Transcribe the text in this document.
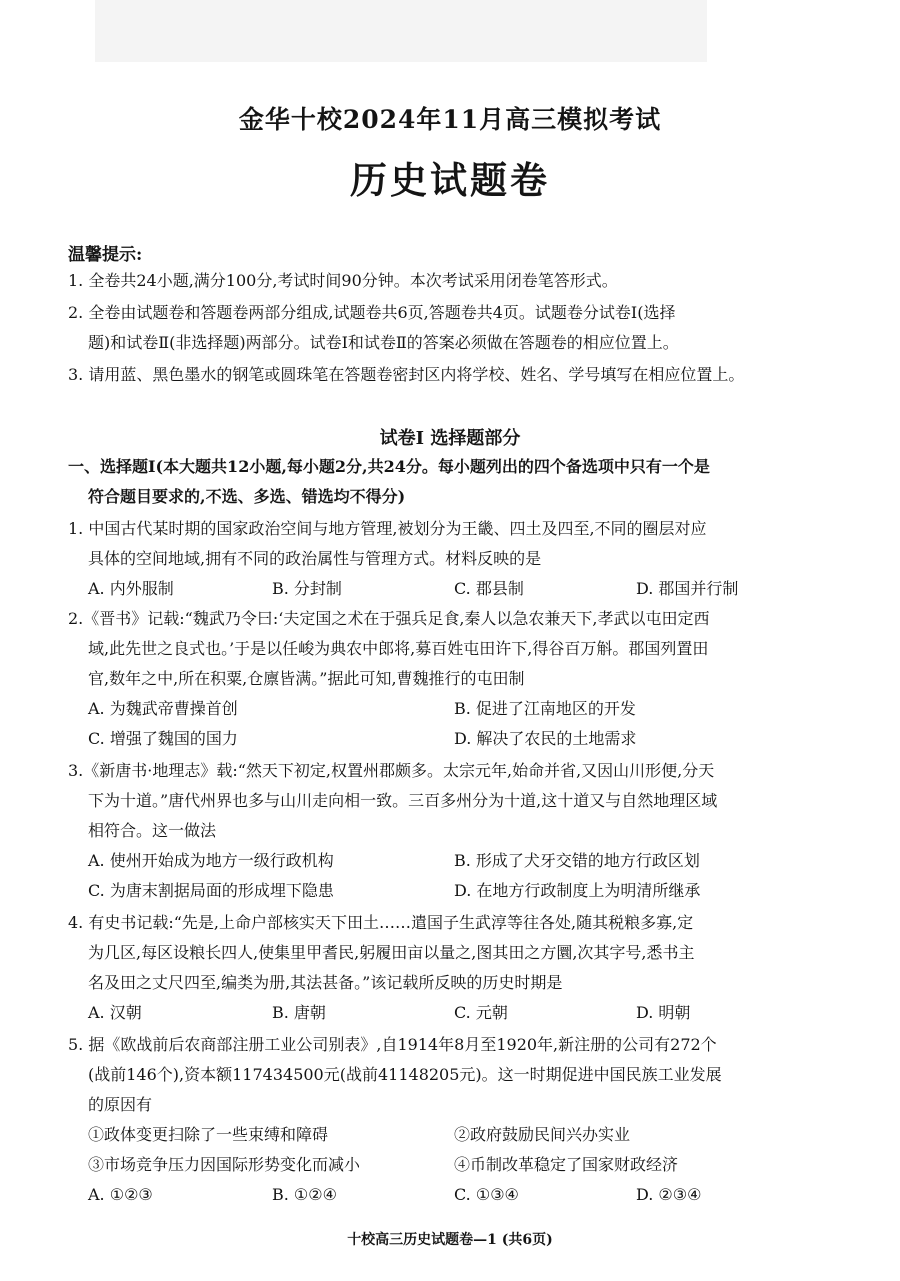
金华十校2024年11月高三模拟考试
历史试题卷
温馨提示:
1. 全卷共24小题,满分100分,考试时间90分钟。本次考试采用闭卷笔答形式。
2. 全卷由试题卷和答题卷两部分组成,试题卷共6页,答题卷共4页。试题卷分试卷Ⅰ(选择
题)和试卷Ⅱ(非选择题)两部分。试卷Ⅰ和试卷Ⅱ的答案必须做在答题卷的相应位置上。
3. 请用蓝、黑色墨水的钢笔或圆珠笔在答题卷密封区内将学校、姓名、学号填写在相应位置上。
试卷Ⅰ 选择题部分
一、选择题Ⅰ(本大题共12小题,每小题2分,共24分。每小题列出的四个备选项中只有一个是
符合题目要求的,不选、多选、错选均不得分)
1. 中国古代某时期的国家政治空间与地方管理,被划分为王畿、四土及四至,不同的圈层对应
具体的空间地域,拥有不同的政治属性与管理方式。材料反映的是
A. 内外服制	B. 分封制	C. 郡县制	D. 郡国并行制
2.《晋书》记载:“魏武乃令曰:‘夫定国之术在于强兵足食,秦人以急农兼天下,孝武以屯田定西
域,此先世之良式也。’于是以任峻为典农中郎将,募百姓屯田许下,得谷百万斛。郡国列置田
官,数年之中,所在积粟,仓廪皆满。”据此可知,曹魏推行的屯田制
A. 为魏武帝曹操首创	B. 促进了江南地区的开发
C. 增强了魏国的国力	D. 解决了农民的土地需求
3.《新唐书·地理志》载:“然天下初定,权置州郡颇多。太宗元年,始命并省,又因山川形便,分天
下为十道。”唐代州界也多与山川走向相一致。三百多州分为十道,这十道又与自然地理区域
相符合。这一做法
A. 使州开始成为地方一级行政机构	B. 形成了犬牙交错的地方行政区划
C. 为唐末割据局面的形成埋下隐患	D. 在地方行政制度上为明清所继承
4. 有史书记载:“先是,上命户部核实天下田土……遣国子生武淳等往各处,随其税粮多寡,定
为几区,每区设粮长四人,使集里甲耆民,躬履田亩以量之,图其田之方圜,次其字号,悉书主
名及田之丈尺四至,编类为册,其法甚备。”该记载所反映的历史时期是
A. 汉朝	B. 唐朝	C. 元朝	D. 明朝
5. 据《欧战前后农商部注册工业公司别表》,自1914年8月至1920年,新注册的公司有272个
(战前146个),资本额117434500元(战前41148205元)。这一时期促进中国民族工业发展
的原因有
①政体变更扫除了一些束缚和障碍	②政府鼓励民间兴办实业
③市场竞争压力因国际形势变化而减小	④币制改革稳定了国家财政经济
A. ①②③	B. ①②④	C. ①③④	D. ②③④
十校高三历史试题卷—1 (共6页)
